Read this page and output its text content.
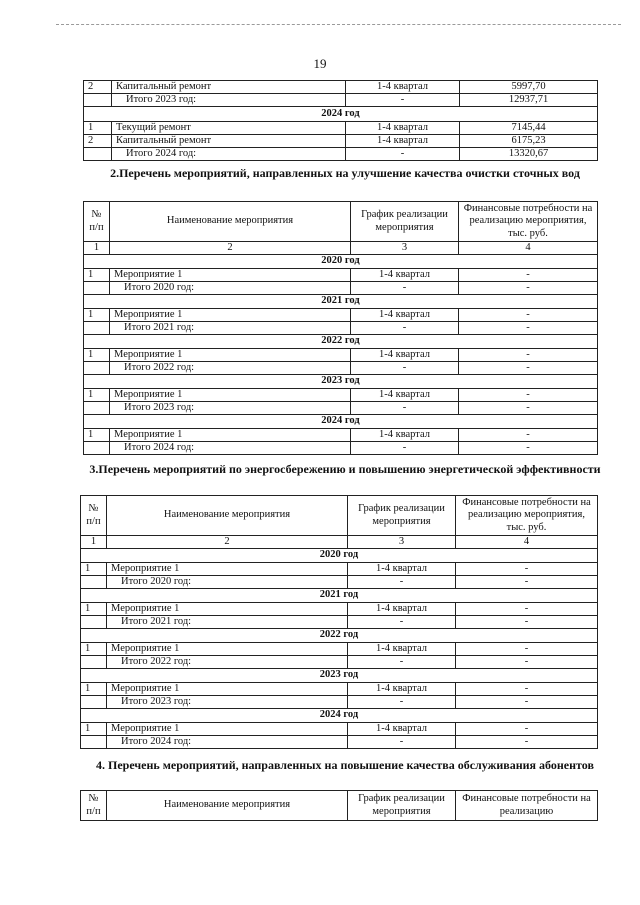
19
2	Капитальный ремонт	1-4 квартал	5997,70
	Итого 2023 год:	-	12937,71
2024 год			
1	Текущий ремонт	1-4 квартал	7145,44
2	Капитальный ремонт	1-4 квартал	6175,23
	Итого 2024 год:	-	13320,67
2.Перечень мероприятий, направленных на улучшение качества очистки сточных вод
№ п/п	Наименование мероприятия	График реализации мероприятия	Финансовые потребности на реализацию мероприятия, тыс. руб.
1	2	3	4
2020 год			
1	Мероприятие 1	1-4 квартал	-
	Итого 2020 год:	-	-
2021 год			
1	Мероприятие 1	1-4 квартал	-
	Итого 2021 год:	-	-
2022 год			
1	Мероприятие 1	1-4 квартал	-
	Итого 2022 год:	-	-
2023 год			
1	Мероприятие 1	1-4 квартал	-
	Итого 2023 год:	-	-
2024 год			
1	Мероприятие 1	1-4 квартал	-
	Итого 2024 год:	-	-
3.Перечень мероприятий по энергосбережению и повышению энергетической эффективности
№ п/п	Наименование мероприятия	График реализации мероприятия	Финансовые потребности на реализацию мероприятия, тыс. руб.
1	2	3	4
2020 год			
1	Мероприятие 1	1-4 квартал	-
	Итого 2020 год:	-	-
2021 год			
1	Мероприятие 1	1-4 квартал	-
	Итого 2021 год:	-	-
2022 год			
1	Мероприятие 1	1-4 квартал	-
	Итого 2022 год:	-	-
2023 год			
1	Мероприятие 1	1-4 квартал	-
	Итого 2023 год:	-	-
2024 год			
1	Мероприятие 1	1-4 квартал	-
	Итого 2024 год:	-	-
4. Перечень мероприятий, направленных на повышение качества обслуживания абонентов
№ п/п	Наименование мероприятия	График реализации мероприятия	Финансовые потребности на реализацию
